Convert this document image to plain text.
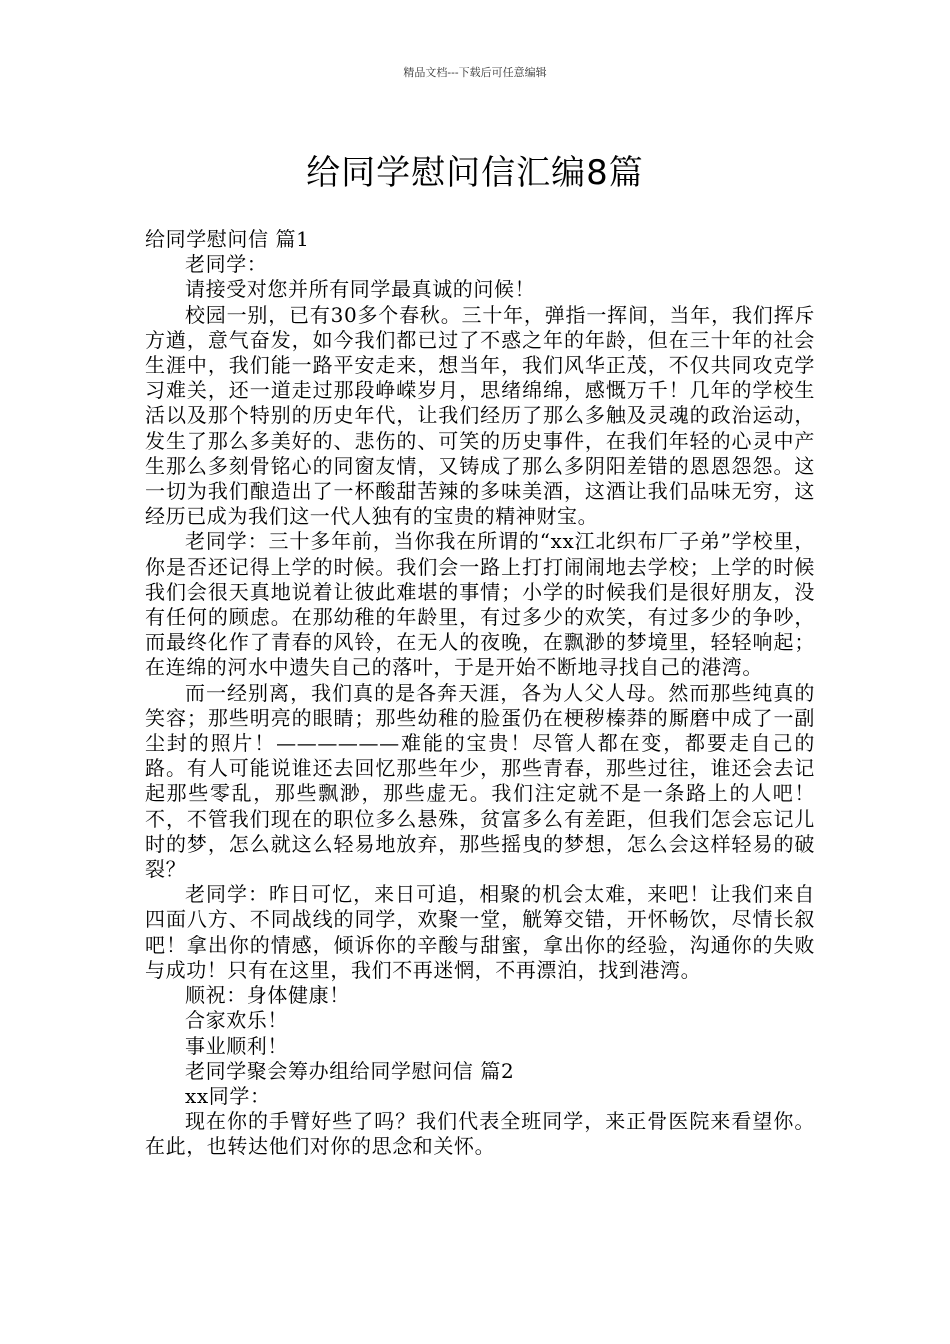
精品文档---下载后可任意编辑
给同学慰问信汇编8篇

给同学慰问信 篇1

老同学：

请接受对您并所有同学最真诚的问候！

校园一别，已有30多个春秋。三十年，弹指一挥间，当年，我们挥斥方遒，意气奋发，如今我们都已过了不惑之年的年龄，但在三十年的社会生涯中，我们能一路平安走来，想当年，我们风华正茂，不仅共同攻克学习难关，还一道走过那段峥嵘岁月，思绪绵绵，感慨万千！几年的学校生活以及那个特别的历史年代，让我们经历了那么多触及灵魂的政治运动，发生了那么多美好的、悲伤的、可笑的历史事件，在我们年轻的心灵中产生那么多刻骨铭心的同窗友情，又铸成了那么多阴阳差错的恩恩怨怨。这一切为我们酿造出了一杯酸甜苦辣的多味美酒，这酒让我们品味无穷，这经历已成为我们这一代人独有的宝贵的精神财宝。

老同学：三十多年前，当你我在所谓的“xx江北织布厂子弟”学校里，你是否还记得上学的时候。我们会一路上打打闹闹地去学校；上学的时候我们会很天真地说着让彼此难堪的事情；小学的时候我们是很好朋友，没有任何的顾虑。在那幼稚的年龄里，有过多少的欢笑，有过多少的争吵，而最终化作了青春的风铃，在无人的夜晚，在飘渺的梦境里，轻轻响起；在连绵的河水中遗失自己的落叶，于是开始不断地寻找自己的港湾。

而一经别离，我们真的是各奔天涯，各为人父人母。然而那些纯真的笑容；那些明亮的眼睛；那些幼稚的脸蛋仍在梗秽榛莽的厮磨中成了一副尘封的照片！——————难能的宝贵！尽管人都在变，都要走自己的路。有人可能说谁还去回忆那些年少，那些青春，那些过往，谁还会去记起那些零乱，那些飘渺，那些虚无。我们注定就不是一条路上的人吧！不，不管我们现在的职位多么悬殊，贫富多么有差距，但我们怎会忘记儿时的梦，怎么就这么轻易地放弃，那些摇曳的梦想，怎么会这样轻易的破裂？

老同学：昨日可忆，来日可追，相聚的机会太难，来吧！让我们来自四面八方、不同战线的同学，欢聚一堂，觥筹交错，开怀畅饮，尽情长叙吧！拿出你的情感，倾诉你的辛酸与甜蜜，拿出你的经验，沟通你的失败与成功！只有在这里，我们不再迷惘，不再漂泊，找到港湾。

顺祝：身体健康！

合家欢乐！

事业顺利！

老同学聚会筹办组给同学慰问信 篇2

xx同学：

现在你的手臂好些了吗？我们代表全班同学，来正骨医院来看望你。在此，也转达他们对你的思念和关怀。
